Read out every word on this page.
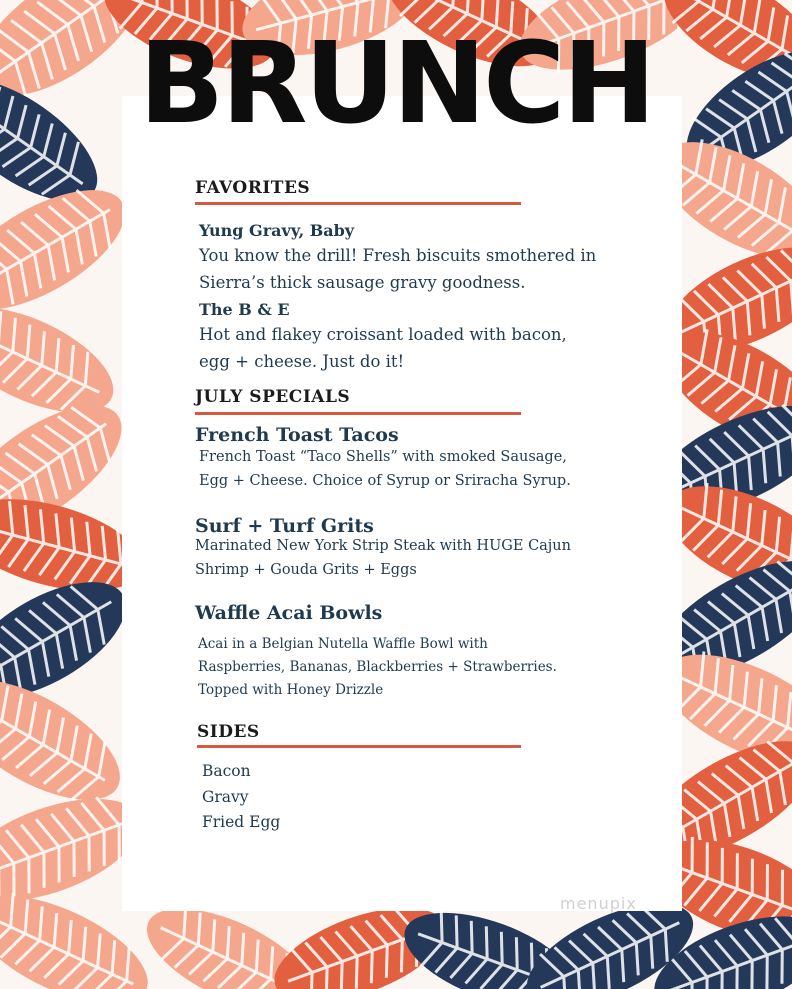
BRUNCH
FAVORITES
Yung Gravy, Baby
You know the drill! Fresh biscuits smothered in
Sierra’s thick sausage gravy goodness.
The B & E
Hot and flakey croissant loaded with bacon,
egg + cheese. Just do it!
JULY SPECIALS
French Toast Tacos
French Toast “Taco Shells” with smoked Sausage,
Egg + Cheese. Choice of Syrup or Sriracha Syrup.
Surf + Turf Grits
Marinated New York Strip Steak with HUGE Cajun
Shrimp + Gouda Grits + Eggs
Waffle Acai Bowls
Acai in a Belgian Nutella Waffle Bowl with
Raspberries, Bananas, Blackberries + Strawberries.
Topped with Honey Drizzle
SIDES
Bacon
Gravy
Fried Egg
menupix
